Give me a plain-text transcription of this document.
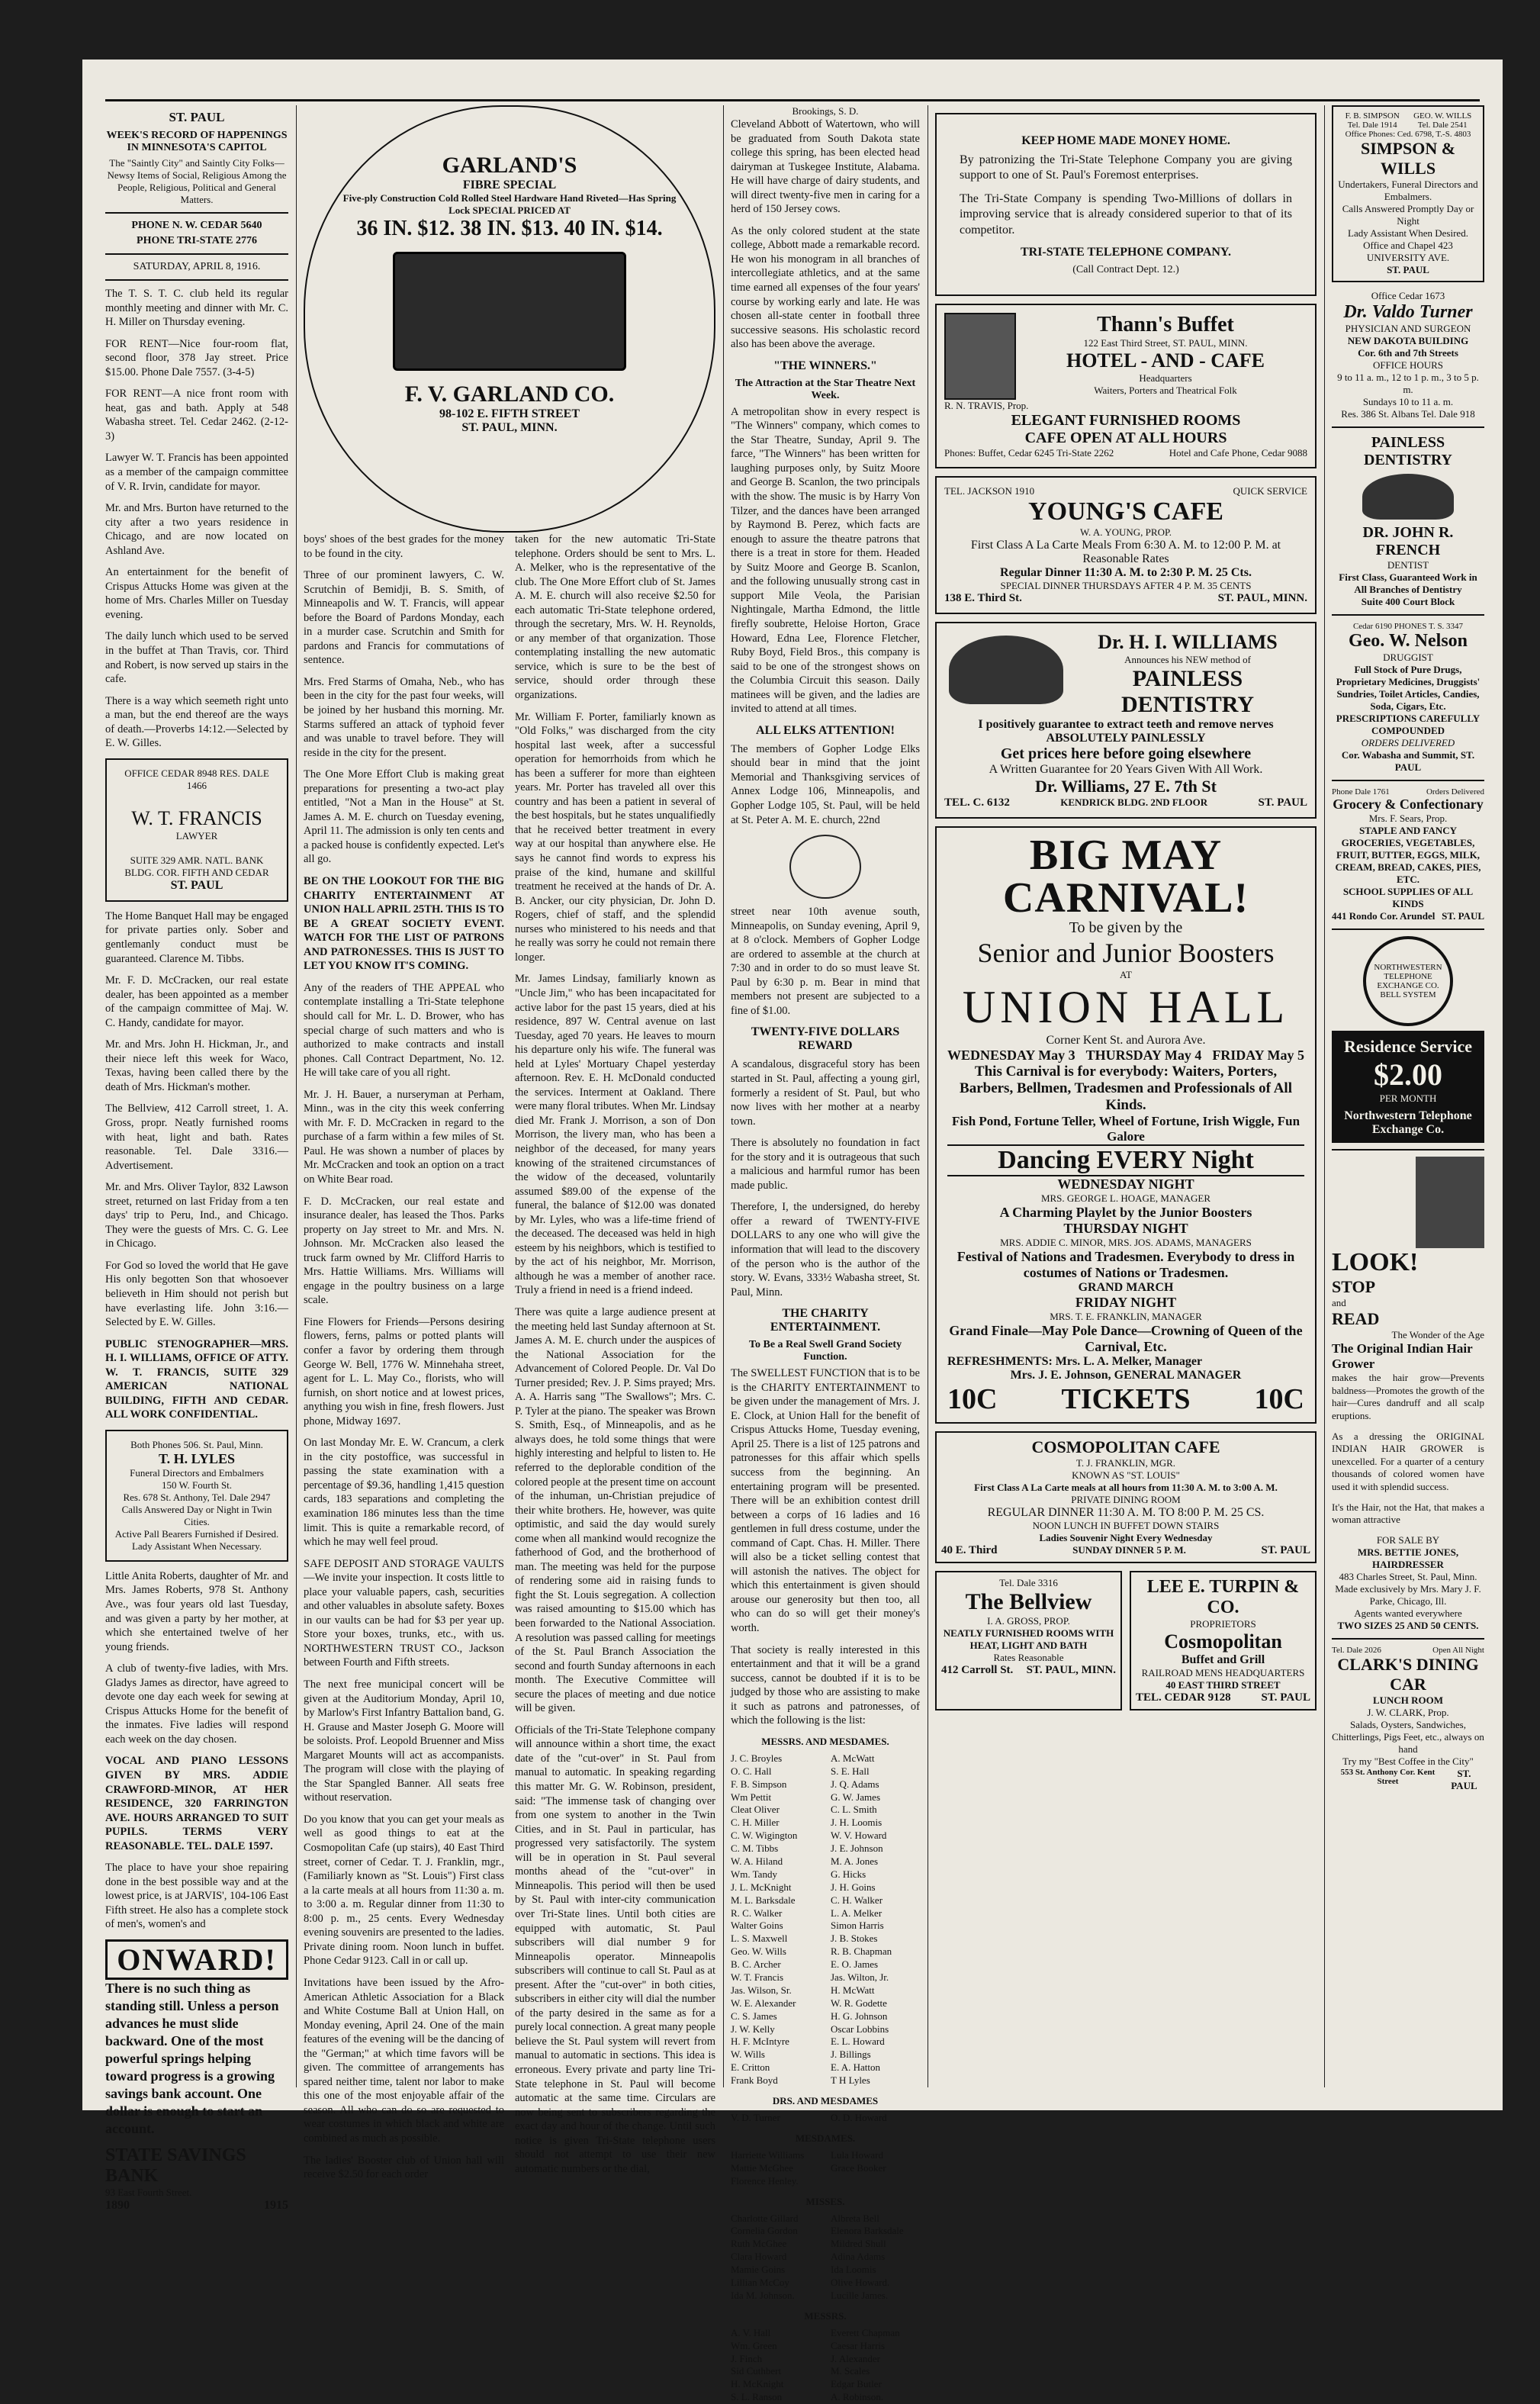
ST. PAUL
WEEK'S RECORD OF HAPPENINGS IN MINNESOTA'S CAPITOL
The "Saintly City" and Saintly City Folks—Newsy Items of Social, Religious Among the People, Religious, Political and General Matters.
PHONE N. W. CEDAR 5640
PHONE TRI-STATE 2776
SATURDAY, APRIL 8, 1916.

The T. S. T. C. club held its regular monthly meeting and dinner with Mr. C. H. Miller on Thursday evening.

FOR RENT—Nice four-room flat, second floor, 378 Jay street. Price $15.00. Phone Dale 7557. (3-4-5)

FOR RENT—A nice front room with heat, gas and bath. Apply at 548 Wabasha street. Tel. Cedar 2462. (2-12-3)

Lawyer W. T. Francis has been appointed as a member of the campaign committee of V. R. Irvin, candidate for mayor.

Mr. and Mrs. Burton have returned to the city after a two years residence in Chicago, and are now located on Ashland Ave.

An entertainment for the benefit of Crispus Attucks Home was given at the home of Mrs. Charles Miller on Tuesday evening.

The daily lunch which used to be served in the buffet at Than Travis, cor. Third and Robert, is now served up stairs in the cafe.

There is a way which seemeth right unto a man, but the end thereof are the ways of death.—Proverbs 14:12.—Selected by E. W. Gilles.

OFFICE CEDAR 8948 RES. DALE 1466
W. T. FRANCIS
LAWYER
SUITE 329 AMR. NATL. BANK BLDG. COR. FIFTH AND CEDAR
ST. PAUL

The Home Banquet Hall may be engaged for private parties only. Sober and gentlemanly conduct must be guaranteed. Clarence M. Tibbs.

Mr. F. D. McCracken, our real estate dealer, has been appointed as a member of the campaign committee of Maj. W. C. Handy, candidate for mayor.

Mr. and Mrs. John H. Hickman, Jr., and their niece left this week for Waco, Texas, having been called there by the death of Mrs. Hickman's mother.

The Bellview, 412 Carroll street, 1. A. Gross, propr. Neatly furnished rooms with heat, light and bath. Rates reasonable. Tel. Dale 3316.—Advertisement.

Mr. and Mrs. Oliver Taylor, 832 Lawson street, returned on last Friday from a ten days' trip to Peru, Ind., and Chicago. They were the guests of Mrs. C. G. Lee in Chicago.

For God so loved the world that He gave His only begotten Son that whosoever believeth in Him should not perish but have everlasting life. John 3:16.—Selected by E. W. Gilles.

PUBLIC STENOGRAPHER—MRS. H. I. WILLIAMS, OFFICE OF ATTY. W. T. FRANCIS, SUITE 329 AMERICAN NATIONAL BUILDING, FIFTH AND CEDAR. ALL WORK CONFIDENTIAL.

Both Phones 506. St. Paul, Minn.
T. H. LYLES
Funeral Directors and Embalmers
150 W. Fourth St.
Res. 678 St. Anthony, Tel. Dale 2947
Calls Answered Day or Night in Twin Cities.
Active Pall Bearers Furnished if Desired.
Lady Assistant When Necessary.

Little Anita Roberts, daughter of Mr. and Mrs. James Roberts, 978 St. Anthony Ave., was four years old last Tuesday, and was given a party by her mother, at which she entertained twelve of her young friends.

A club of twenty-five ladies, with Mrs. Gladys James as director, have agreed to devote one day each week for sewing at Crispus Attucks Home for the benefit of the inmates. Five ladies will respond each week on the day chosen.

VOCAL AND PIANO LESSONS GIVEN BY MRS. ADDIE CRAWFORD-MINOR, AT HER RESIDENCE, 320 FARRINGTON AVE. HOURS ARRANGED TO SUIT PUPILS. TERMS VERY REASONABLE. TEL. DALE 1597.

The place to have your shoe repairing done in the best possible way and at the lowest price, is at JARVIS', 104-106 East Fifth street. He also has a complete stock of men's, women's and

ONWARD!

There is no such thing as standing still. Unless a person advances he must slide backward. One of the most powerful springs helping toward progress is a growing savings bank account. One dollar is enough to start an account.

STATE SAVINGS BANK
93 East Fourth Street.
1890	1915
GARLAND'S
FIBRE SPECIAL
Five-ply Construction Cold Rolled Steel Hardware Hand Riveted—Has Spring Lock SPECIAL PRICED AT
36 IN. $12. 38 IN. $13. 40 IN. $14.
F. V. GARLAND CO.
98-102 E. FIFTH STREET
ST. PAUL, MINN.

boys' shoes of the best grades for the money to be found in the city.

Three of our prominent lawyers, C. W. Scrutchin of Bemidji, B. S. Smith, of Minneapolis and W. T. Francis, will appear before the Board of Pardons Monday, each in a murder case. Scrutchin and Smith for pardons and Francis for commutations of sentence.

Mrs. Fred Starms of Omaha, Neb., who has been in the city for the past four weeks, will be joined by her husband this morning. Mr. Starms suffered an attack of typhoid fever and was unable to travel before. They will reside in the city for the present.

The One More Effort Club is making great preparations for presenting a two-act play entitled, "Not a Man in the House" at St. James A. M. E. church on Tuesday evening, April 11. The admission is only ten cents and a packed house is confidently expected. Let's all go.

BE ON THE LOOKOUT FOR THE BIG CHARITY ENTERTAINMENT AT UNION HALL APRIL 25TH. THIS IS TO BE A GREAT SOCIETY EVENT. WATCH FOR THE LIST OF PATRONS AND PATRONESSES. THIS IS JUST TO LET YOU KNOW IT'S COMING.

Any of the readers of THE APPEAL who contemplate installing a Tri-State telephone should call for Mr. L. D. Brower, who has special charge of such matters and who is authorized to make contracts and install phones. Call Contract Department, No. 12. He will take care of you all right.

Mr. J. H. Bauer, a nurseryman at Perham, Minn., was in the city this week conferring with Mr. F. D. McCracken in regard to the purchase of a farm within a few miles of St. Paul. He was shown a number of places by Mr. McCracken and took an option on a tract on White Bear road.

F. D. McCracken, our real estate and insurance dealer, has leased the Thos. Parks property on Jay street to Mr. and Mrs. N. Johnson. Mr. McCracken also leased the truck farm owned by Mr. Clifford Harris to Mrs. Hattie Williams. Mrs. Williams will engage in the poultry business on a large scale.

Fine Flowers for Friends—Persons desiring flowers, ferns, palms or potted plants will confer a favor by ordering them through George W. Bell, 1776 W. Minnehaha street, agent for L. L. May Co., florists, who will furnish, on short notice and at lowest prices, anything you wish in fine, fresh flowers. Just phone, Midway 1697.

On last Monday Mr. E. W. Crancum, a clerk in the city postoffice, was successful in passing the state examination with a percentage of $9.36, handling 1,415 question cards, 183 separations and completing the examination 186 minutes less than the time limit. This is quite a remarkable record, of which he may well feel proud.

SAFE DEPOSIT AND STORAGE VAULTS—We invite your inspection. It costs little to place your valuable papers, cash, securities and other valuables in absolute safety. Boxes in our vaults can be had for $3 per year up. Store your boxes, trunks, etc., with us. NORTHWESTERN TRUST CO., Jackson between Fourth and Fifth streets.

The next free municipal concert will be given at the Auditorium Monday, April 10, by Marlow's First Infantry Battalion band, G. H. Grause and Master Joseph G. Moore will be soloists. Prof. Leopold Bruenner and Miss Margaret Mounts will act as accompanists. The program will close with the playing of the Star Spangled Banner. All seats free without reservation.

Do you know that you can get your meals as well as good things to eat at the Cosmopolitan Cafe (up stairs), 40 East Third street, corner of Cedar. T. J. Franklin, mgr., (Familiarly known as "St. Louis") First class a la carte meals at all hours from 11:30 a. m. to 3:00 a. m. Regular dinner from 11:30 to 8:00 p. m., 25 cents. Every Wednesday evening souvenirs are presented to the ladies. Private dining room. Noon lunch in buffet. Phone Cedar 9123. Call in or call up.

Invitations have been issued by the Afro-American Athletic Association for a Black and White Costume Ball at Union Hall, on Monday evening, April 24. One of the main features of the evening will be the dancing of the "German;" at which time favors will be given. The committee of arrangements has spared neither time, talent nor labor to make this one of the most enjoyable affair of the season. All who can do so are requested to wear costumes in which black and white are combined as much as possible.

The ladies' Booster club of Union hall will receive $2.50 for each order

taken for the new automatic Tri-State telephone. Orders should be sent to Mrs. L. A. Melker, who is the representative of the club. The One More Effort club of St. James A. M. E. church will also receive $2.50 for each automatic Tri-State telephone ordered, through the secretary, Mrs. W. H. Reynolds, or any member of that organization. Those contemplating installing the new automatic service, which is sure to be the best of service, should order through these organizations.

Mr. William F. Porter, familiarly known as "Old Folks," was discharged from the city hospital last week, after a successful operation for hemorrhoids from which he has been a sufferer for more than eighteen years. Mr. Porter has traveled all over this country and has been a patient in several of the best hospitals, but he states unqualifiedly that he received better treatment in every way at our hospital than anywhere else. He says he cannot find words to express his praise of the kind, humane and skillful treatment he received at the hands of Dr. A. B. Ancker, our city physician, Dr. John D. Rogers, chief of staff, and the splendid nurses who ministered to his needs and that he really was sorry he could not remain there longer.

Mr. James Lindsay, familiarly known as "Uncle Jim," who has been incapacitated for active labor for the past 15 years, died at his residence, 897 W. Central avenue on last Tuesday, aged 70 years. He leaves to mourn his departure only his wife. The funeral was held at Lyles' Mortuary Chapel yesterday afternoon. Rev. E. H. McDonald conducted the services. Interment at Oakland. There were many floral tributes. When Mr. Lindsay died Mr. Frank J. Morrison, a son of Don Morrison, the livery man, who has been a neighbor of the deceased, for many years knowing of the straitened circumstances of the widow of the deceased, voluntarily assumed $89.00 of the expense of the funeral, the balance of $12.00 was donated by Mr. Lyles, who was a life-time friend of the deceased. The deceased was held in high esteem by his neighbors, which is testified to by the act of his neighbor, Mr. Morrison, although he was a member of another race. Truly a friend in need is a friend indeed.

There was quite a large audience present at the meeting held last Sunday afternoon at St. James A. M. E. church under the auspices of the National Association for the Advancement of Colored People. Dr. Val Do Turner presided; Rev. J. P. Sims prayed; Mrs. A. A. Harris sang "The Swallows"; Mrs. C. P. Tyler at the piano. The speaker was Brown S. Smith, Esq., of Minneapolis, and as he always does, he told some things that were highly interesting and helpful to listen to. He referred to the deplorable condition of the colored people at the present time on account of the inhuman, un-Christian prejudice of their white brothers. He, however, was quite optimistic, and said the day would surely come when all mankind would recognize the fatherhood of God, and the brotherhood of man. The meeting was held for the purpose of rendering some aid in raising funds to fight the St. Louis segregation. A collection was raised amounting to $15.00 which has been forwarded to the National Association. A resolution was passed calling for meetings of the St. Paul Branch Association the second and fourth Sunday afternoons in each month. The Executive Committee will secure the places of meeting and due notice will be given.

Officials of the Tri-State Telephone company will announce within a short time, the exact date of the "cut-over" in St. Paul from manual to automatic. In speaking regarding this matter Mr. G. W. Robinson, president, said: "The immense task of changing over from one system to another in the Twin Cities, and in St. Paul in particular, has progressed very satisfactorily. The system will be in operation in St. Paul several months ahead of the "cut-over" in Minneapolis. This period will then be used by St. Paul with inter-city communication over Tri-State lines. Until both cities are equipped with automatic, St. Paul subscribers will dial number 9 for Minneapolis operator. Minneapolis subscribers will continue to call St. Paul as at present. After the "cut-over" in both cities, subscribers in either city will dial the number of the party desired in the same as for a purely local connection. A great many people believe the St. Paul system will revert from manual to automatic in sections. This idea is erroneous. Every private and party line Tri-State telephone in St. Paul will become automatic at the same time. Circulars are now being sent to subscribers regarding the exact day and hour of the change. Until such notice is given Tri-State telephone users should not attempt to use their new automatic numbers or the dial,

Brookings, S. D.

Cleveland Abbott of Watertown, who will be graduated from South Dakota state college this spring, has been elected head dairyman at Tuskegee Institute, Alabama. He will have charge of dairy students, and will direct twenty-five men in caring for a herd of 150 Jersey cows.

As the only colored student at the state college, Abbott made a remarkable record. He won his monogram in all branches of intercollegiate athletics, and at the same time earned all expenses of the four years' course by working early and late. He was chosen all-state center in football three successive seasons. His scholastic record also has been above the average.

"THE WINNERS."
The Attraction at the Star Theatre Next Week.

A metropolitan show in every respect is "The Winners" company, which comes to the Star Theatre, Sunday, April 9. The farce, "The Winners" has been written for laughing purposes only, by Suitz Moore and George B. Scanlon, the two principals with the show. The music is by Harry Von Tilzer, and the dances have been arranged by Raymond B. Perez, which facts are enough to assure the theatre patrons that there is a treat in store for them. Headed by Suitz Moore and George B. Scanlon, and the following unusually strong cast in support Mile Veola, the Parisian Nightingale, Martha Edmond, the little firefly soubrette, Heloise Horton, Grace Howard, Edna Lee, Florence Fletcher, Ruby Boyd, Field Bros., this company is said to be one of the strongest shows on the Columbia Circuit this season. Daily matinees will be given, and the ladies are invited to attend at all times.

ALL ELKS ATTENTION!

The members of Gopher Lodge Elks should bear in mind that the joint Memorial and Thanksgiving services of Annex Lodge 106, Minneapolis, and Gopher Lodge 105, St. Paul, will be held at St. Peter A. M. E. church, 22nd

street near 10th avenue south, Minneapolis, on Sunday evening, April 9, at 8 o'clock. Members of Gopher Lodge are ordered to assemble at the church at 7:30 and in order to do so must leave St. Paul by 6:30 p. m. Bear in mind that members not present are subjected to a fine of $1.00.

TWENTY-FIVE DOLLARS REWARD

A scandalous, disgraceful story has been started in St. Paul, affecting a young girl, formerly a resident of St. Paul, but who now lives with her mother at a nearby town.

There is absolutely no foundation in fact for the story and it is outrageous that such a malicious and harmful rumor has been made public.

Therefore, I, the undersigned, do hereby offer a reward of TWENTY-FIVE DOLLARS to any one who will give the information that will lead to the discovery of the person who is the author of the story. W. Evans, 333½ Wabasha street, St. Paul, Minn.

THE CHARITY ENTERTAINMENT.
To Be a Real Swell Grand Society Function.

The SWELLEST FUNCTION that is to be is the CHARITY ENTERTAINMENT to be given under the management of Mrs. J. E. Clock, at Union Hall for the benefit of Crispus Attucks Home, Tuesday evening, April 25. There is a list of 125 patrons and patronesses for this affair which spells success from the beginning. An entertaining program will be presented. There will be an exhibition contest drill between a corps of 16 ladies and 16 gentlemen in full dress costume, under the command of Capt. Chas. H. Miller. There will also be a ticket selling contest that will astonish the natives. The object for which this entertainment is given should arouse our generosity but then too, all who can do so will get their money's worth.

That society is really interested in this entertainment and that it will be a grand success, cannot be doubted if it is to be judged by those who are assisting to make it such as patrons and patronesses, of which the following is the list:

MESSRS. AND MESDAMES.
J. C. Broyles
O. C. Hall
F. B. Simpson
Wm Pettit
Cleat Oliver
C. H. Miller
C. W. Wigington
C. M. Tibbs
W. A. Hiland
Wm. Tandy
J. L. McKnight
M. L. Barksdale
R. C. Walker
Walter Goins
L. S. Maxwell
Geo. W. Wills
B. C. Archer
W. T. Francis
Jas. Wilson, Sr.
W. E. Alexander
C. S. James
J. W. Kelly
H. F. McIntyre
W. Wills
E. Critton
Frank Boyd
A. McWatt
S. E. Hall
J. Q. Adams
G. W. James
C. L. Smith
J. H. Loomis
W. V. Howard
J. E. Johnson
M. A. Jones
G. Hicks
J. H. Goins
C. H. Walker
L. A. Melker
Simon Harris
J. B. Stokes
R. B. Chapman
E. O. James
Jas. Wilton, Jr.
H. McWatt
W. R. Godette
H. G. Johnson
Oscar Lobbins
E. L. Howard
J. Billings
E. A. Hatton
T H Lyles
DRS. AND MESDAMES
V. D. Turner	O. D. Howard
MESDAMES.
Harriette Williams
Mattie McGhee
Florence Henley.
Lula Howard
Grace Booker
MISSES.
Charlotte Gillard
Cornelia Gordon
Ruth McGhee
Clara Howard
Mamie Goins
Lillian McCoy
Ida M. Johnson.
Albreta Bell
Elenora Barksdale
Mildred Shull
Adina Adams
Ida Loomis
Olive Howard.
Lucille James.
MESSRS.
A. V. Hall
Wm. Green
J. Finch
Sid Cuthbert
H. McKnight
S. L. Ranson
Everett Chapman
Caesar Harris
J. Alexander
M. Scales
Edgar Butler
A. Robinson.
KEEP HOME MADE MONEY HOME.

By patronizing the Tri-State Telephone Company you are giving support to one of St. Paul's Foremost enterprises.

The Tri-State Company is spending Two-Millions of dollars in improving service that is already considered superior to that of its competitor.

TRI-STATE TELEPHONE COMPANY.
(Call Contract Dept. 12.)
Thann's Buffet
122 East Third Street, ST. PAUL, MINN.
HOTEL - AND - CAFE
Headquarters
Waiters, Porters and Theatrical Folk
R. N. TRAVIS, Prop.
ELEGANT FURNISHED ROOMS
CAFE OPEN AT ALL HOURS
Phones: Buffet, Cedar 6245 Tri-State 2262	Hotel and Cafe Phone, Cedar 9088
TEL. JACKSON 1910	QUICK SERVICE
YOUNG'S CAFE
W. A. YOUNG, PROP.
First Class A La Carte Meals From 6:30 A. M. to 12:00 P. M. at Reasonable Rates
Regular Dinner 11:30 A. M. to 2:30 P. M. 25 Cts.
SPECIAL DINNER THURSDAYS AFTER 4 P. M. 35 CENTS
138 E. Third St.	ST. PAUL, MINN.
Dr. H. I. WILLIAMS
Announces his NEW method of
PAINLESS DENTISTRY
I positively guarantee to extract teeth and remove nerves ABSOLUTELY PAINLESSLY
Get prices here before going elsewhere
A Written Guarantee for 20 Years Given With All Work.
Dr. Williams, 27 E. 7th St
TEL. C. 6132	KENDRICK BLDG. 2ND FLOOR	ST. PAUL
BIG MAY CARNIVAL!
To be given by the
Senior and Junior Boosters
AT
UNION HALL
Corner Kent St. and Aurora Ave.
WEDNESDAY May 3 THURSDAY May 4 FRIDAY May 5
This Carnival is for everybody: Waiters, Porters, Barbers, Bellmen, Tradesmen and Professionals of All Kinds.
Fish Pond, Fortune Teller, Wheel of Fortune, Irish Wiggle, Fun Galore
Dancing EVERY Night
WEDNESDAY NIGHT
MRS. GEORGE L. HOAGE, MANAGER
A Charming Playlet by the Junior Boosters
THURSDAY NIGHT
MRS. ADDIE C. MINOR, MRS. JOS. ADAMS, MANAGERS
Festival of Nations and Tradesmen. Everybody to dress in costumes of Nations or Tradesmen.
GRAND MARCH
FRIDAY NIGHT
MRS. T. E. FRANKLIN, MANAGER
Grand Finale—May Pole Dance—Crowning of Queen of the Carnival, Etc.
REFRESHMENTS: Mrs. L. A. Melker, Manager
Mrs. J. E. Johnson, GENERAL MANAGER
10C TICKETS 10C
COSMOPOLITAN CAFE
T. J. FRANKLIN, MGR.
KNOWN AS "ST. LOUIS"
First Class A La Carte meals at all hours from 11:30 A. M. to 3:00 A. M.
PRIVATE DINING ROOM
REGULAR DINNER 11:30 A. M. TO 8:00 P. M. 25 CS.
NOON LUNCH IN BUFFET DOWN STAIRS
Ladies Souvenir Night Every Wednesday
40 E. Third	SUNDAY DINNER 5 P. M.	ST. PAUL
Tel. Dale 3316
The Bellview
I. A. GROSS, PROP.
NEATLY FURNISHED ROOMS WITH HEAT, LIGHT AND BATH
Rates Reasonable
412 Carroll St. ST. PAUL, MINN.
LEE E. TURPIN & CO.
PROPRIETORS
Cosmopolitan
Buffet and Grill
RAILROAD MENS HEADQUARTERS
40 EAST THIRD STREET
TEL. CEDAR 9128	ST. PAUL
F. B. SIMPSON Tel. Dale 1914
GEO. W. WILLS Tel. Dale 2541
Office Phones: Ced. 6798, T.-S. 4803
SIMPSON & WILLS
Undertakers, Funeral Directors and Embalmers.
Calls Answered Promptly Day or Night
Lady Assistant When Desired.
Office and Chapel 423 UNIVERSITY AVE.
ST. PAUL
Office Cedar 1673
Dr. Valdo Turner
PHYSICIAN AND SURGEON
NEW DAKOTA BUILDING
Cor. 6th and 7th Streets
OFFICE HOURS
9 to 11 a. m., 12 to 1 p. m., 3 to 5 p. m.
Sundays 10 to 11 a. m.
Res. 386 St. Albans Tel. Dale 918
PAINLESS DENTISTRY
DR. JOHN R. FRENCH
DENTIST
First Class, Guaranteed Work in All Branches of Dentistry
Suite 400 Court Block
Cedar 6190 PHONES T. S. 3347
Geo. W. Nelson
DRUGGIST
Full Stock of Pure Drugs, Proprietary Medicines, Druggists' Sundries, Toilet Articles, Candies, Soda, Cigars, Etc.
PRESCRIPTIONS CAREFULLY COMPOUNDED
ORDERS DELIVERED
Cor. Wabasha and Summit, ST. PAUL
Phone Dale 1761	Orders Delivered
Grocery & Confectionary
Mrs. F. Sears, Prop.
STAPLE AND FANCY GROCERIES, VEGETABLES, FRUIT, BUTTER, EGGS, MILK, CREAM, BREAD, CAKES, PIES, ETC.
SCHOOL SUPPLIES OF ALL KINDS
441 Rondo Cor. Arundel ST. PAUL
NORTHWESTERN TELEPHONE EXCHANGE CO. BELL SYSTEM
Residence Service
$2.00
PER MONTH
Northwestern Telephone Exchange Co.
LOOK!
STOP
and
READ
The Wonder of the Age
The Original Indian Hair Grower

makes the hair grow—Prevents baldness—Promotes the growth of the hair—Cures dandruff and all scalp eruptions.

As a dressing the ORIGINAL INDIAN HAIR GROWER is unexcelled. For a quarter of a century thousands of colored women have used it with splendid success.

It's the Hair, not the Hat, that makes a woman attractive

FOR SALE BY
MRS. BETTIE JONES, HAIRDRESSER
483 Charles Street, St. Paul, Minn.
Made exclusively by Mrs. Mary J. F. Parke, Chicago, Ill.
Agents wanted everywhere
TWO SIZES 25 AND 50 CENTS.
Tel. Dale 2026	Open All Night
CLARK'S DINING CAR
LUNCH ROOM
J. W. CLARK, Prop.
Salads, Oysters, Sandwiches, Chitterlings, Pigs Feet, etc., always on hand
Try my "Best Coffee in the City"
553 St. Anthony Cor. Kent Street
ST. PAUL
